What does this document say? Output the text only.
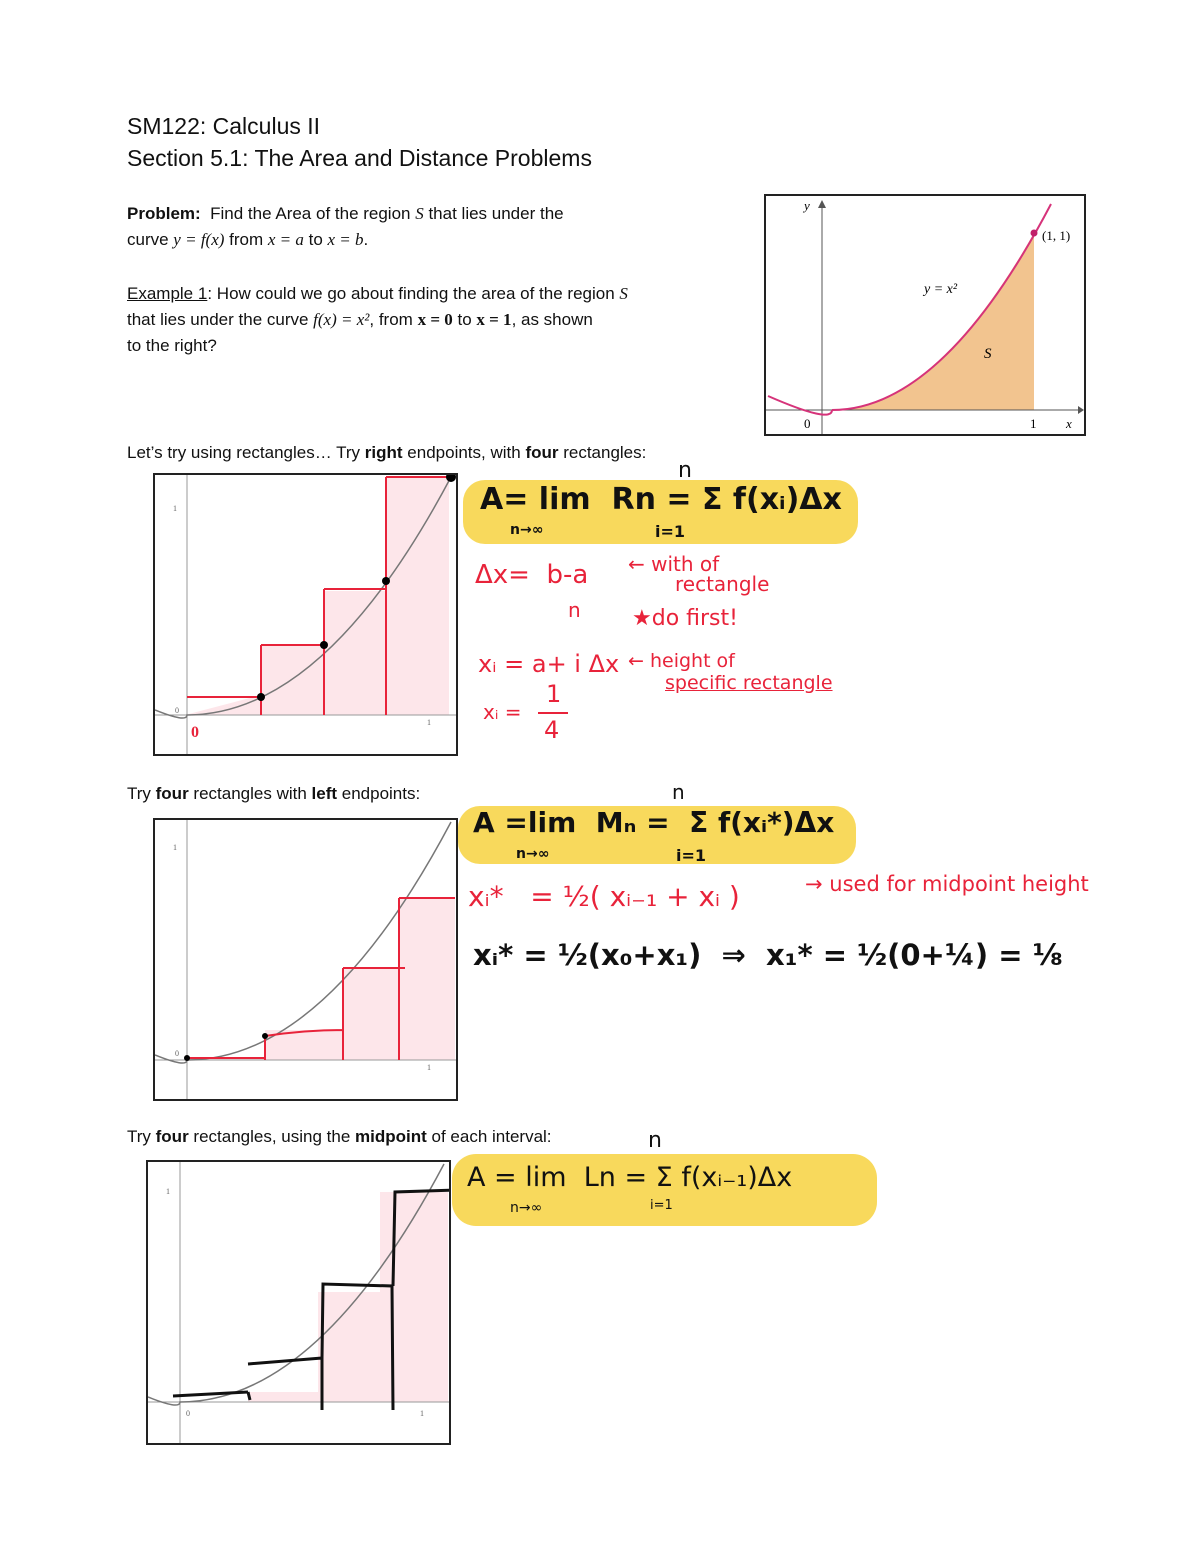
SM122: Calculus II
Section 5.1: The Area and Distance Problems
Problem: Find the Area of the region S that lies under the
curve y = f(x) from x = a to x = b.
Example 1: How could we go about finding the area of the region S
that lies under the curve f(x) = x², from x = 0 to x = 1, as shown
to the right?
y
x
y = x²
S
(1, 1)
0	1
Let’s try using rectangles… Try right endpoints, with four rectangles:
1
0
1
0
n
A= lim  Rn = Σ f(xᵢ)Δx
n→∞	i=1
Δx=  b-a
n
← with of
rectangle
★do first!
xᵢ = a+ i Δx ← height of
specific rectangle
xᵢ =
1
4
Try four rectangles with left endpoints:
1
0
1
n
A =lim  Mₙ =  Σ f(xᵢ*)Δx
n→∞	i=1
xᵢ*   = ½( xᵢ₋₁ + xᵢ )	→ used for midpoint height
xᵢ* = ½(x₀+x₁)  ⇒  x₁* = ½(0+¼) = ⅛
Try four rectangles, using the midpoint of each interval:
1
0	1
n
A = lim  Ln = Σ f(xᵢ₋₁)Δx
n→∞	i=1
